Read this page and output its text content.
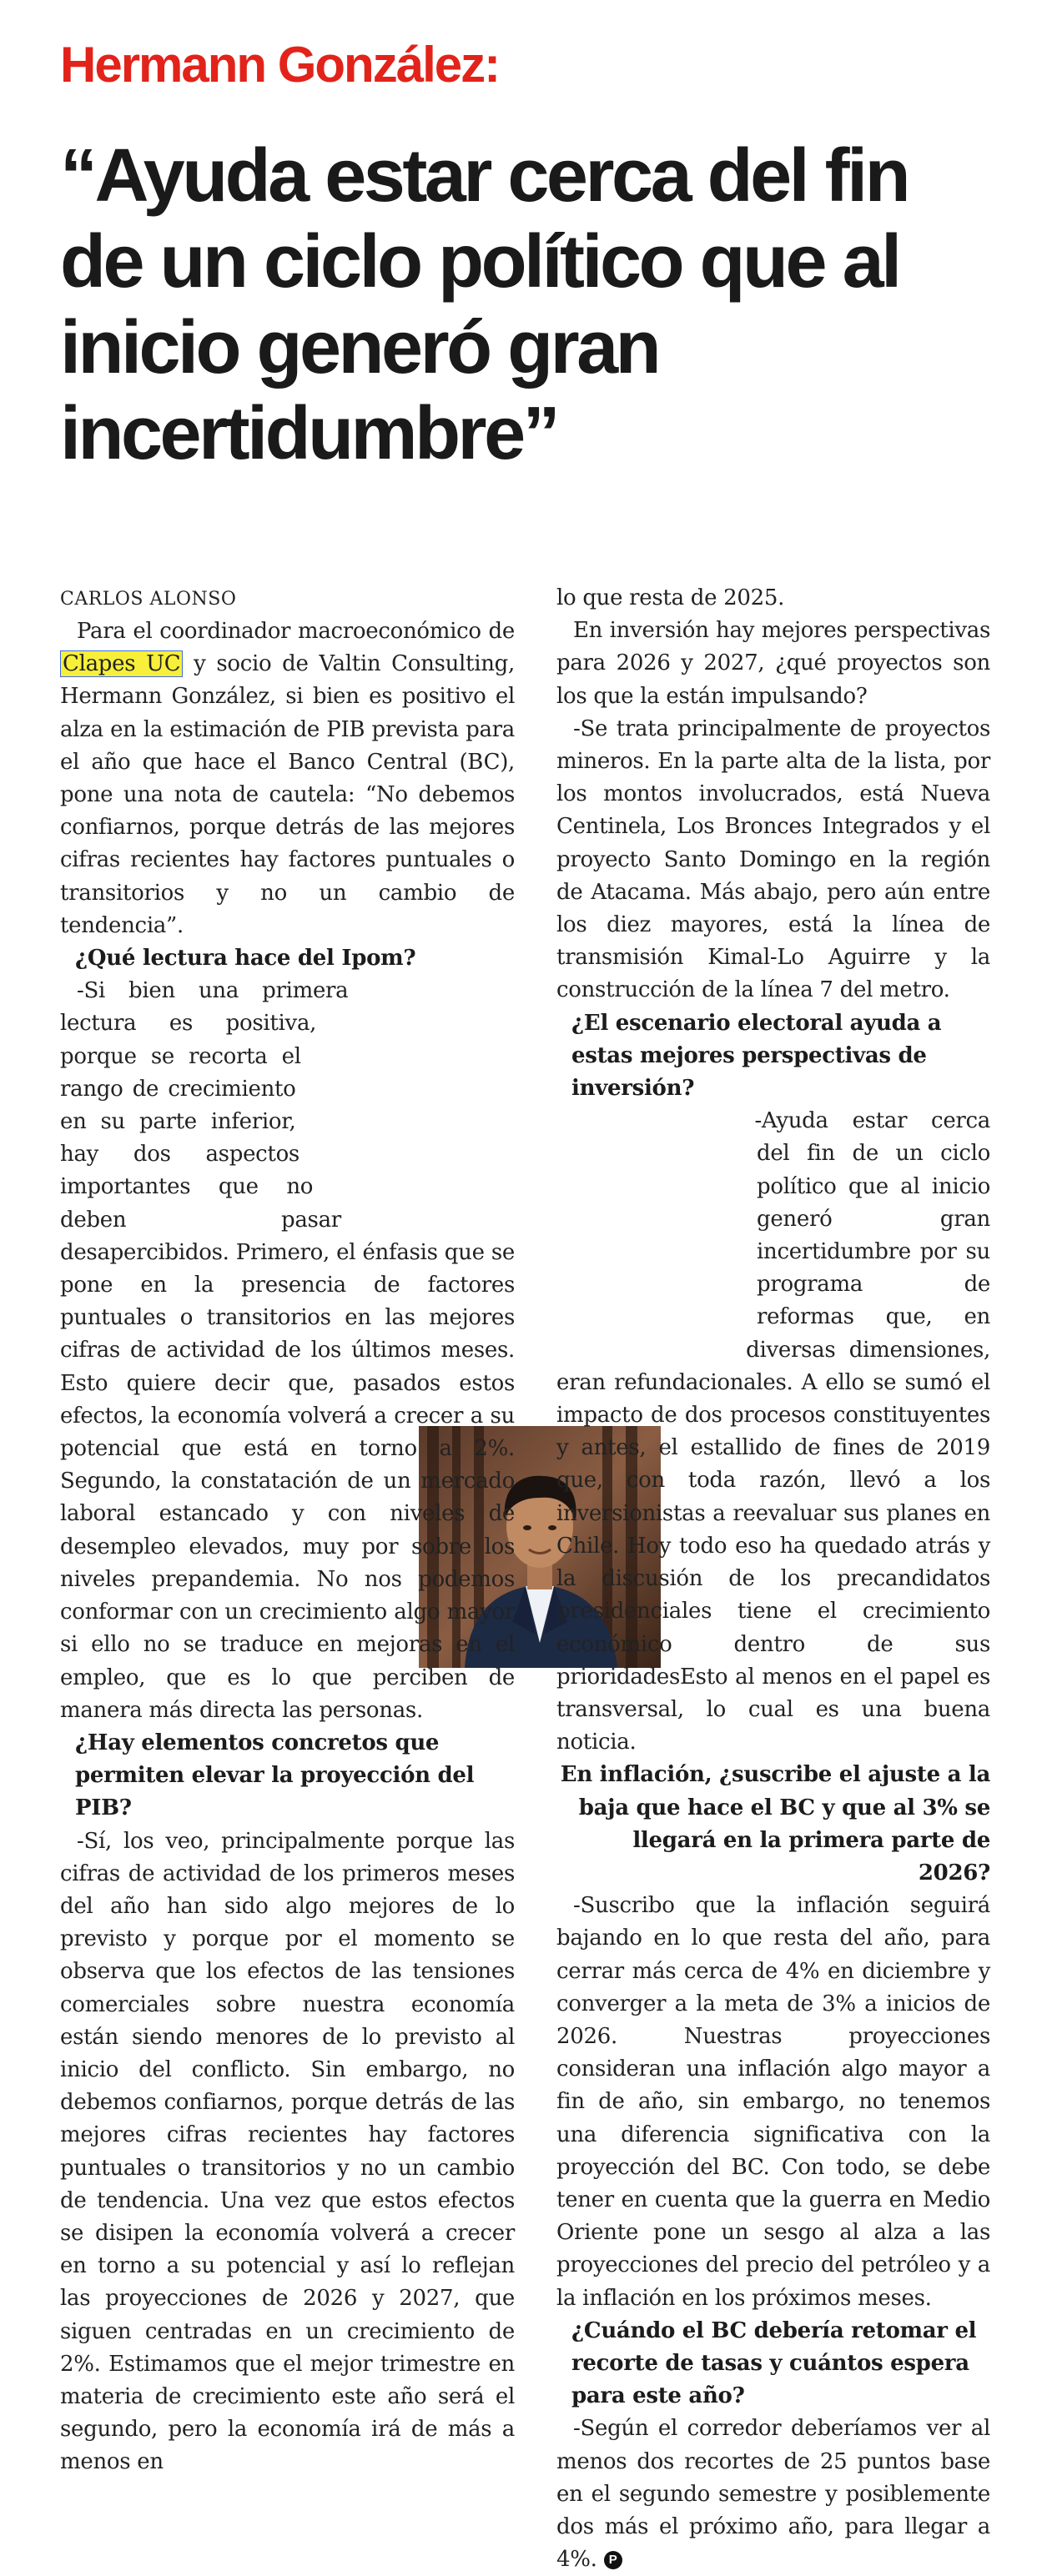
Hermann González:
“Ayuda estar cerca del fin de un ciclo político que al inicio generó gran incertidumbre”
CARLOS ALONSO

Para el coordinador macroeconómico de Clapes UC y socio de Valtin Consulting, Hermann González, si bien es positivo el alza en la estimación de PIB prevista para el año que hace el Banco Central (BC), pone una nota de cautela: “No debemos confiarnos, porque detrás de las mejores cifras recientes hay factores puntuales o transitorios y no un cambio de tendencia”.

¿Qué lectura hace del Ipom?

-Si bien una primera lectura es positiva, porque se recorta el rango de crecimiento en su parte inferior, hay dos aspectos importantes que no deben pasar desapercibidos. Primero, el énfasis que se pone en la presencia de factores puntuales o transitorios en las mejores cifras de actividad de los últimos meses. Esto quiere decir que, pasados estos efectos, la economía volverá a crecer a su potencial que está en torno a 2%. Segundo, la constatación de un mercado laboral estancado y con niveles de desempleo elevados, muy por sobre los niveles prepandemia. No nos podemos conformar con un crecimiento algo mayor si ello no se traduce en mejoras en el empleo, que es lo que perciben de manera más directa las personas.

¿Hay elementos concretos que permiten elevar la proyección del PIB?

-Sí, los veo, principalmente porque las cifras de actividad de los primeros meses del año han sido algo mejores de lo previsto y porque por el momento se observa que los efectos de las tensiones comerciales sobre nuestra economía están siendo menores de lo previsto al inicio del conflicto. Sin embargo, no debemos confiarnos, porque detrás de las mejores cifras recientes hay factores puntuales o transitorios y no un cambio de tendencia. Una vez que estos efectos se disipen la economía volverá a crecer en torno a su potencial y así lo reflejan las proyecciones de 2026 y 2027, que siguen centradas en un crecimiento de 2%. Estimamos que el mejor trimestre en materia de crecimiento este año será el segundo, pero la economía irá de más a menos en

lo que resta de 2025.

En inversión hay mejores perspectivas para 2026 y 2027, ¿qué proyectos son los que la están impulsando?

-Se trata principalmente de proyectos mineros. En la parte alta de la lista, por los montos involucrados, está Nueva Centinela, Los Bronces Integrados y el proyecto Santo Domingo en la región de Atacama. Más abajo, pero aún entre los diez mayores, está la línea de transmisión Kimal-Lo Aguirre y la construcción de la línea 7 del metro.

¿El escenario electoral ayuda a estas mejores perspectivas de inversión?

-Ayuda estar cerca del fin de un ciclo político que al inicio generó gran incertidumbre por su programa de reformas que, en diversas dimensiones, eran refundacionales. A ello se sumó el impacto de dos procesos constituyentes y antes, el estallido de fines de 2019 que, con toda razón, llevó a los inversionistas a reevaluar sus planes en Chile. Hoy todo eso ha quedado atrás y la discusión de los precandidatos presidenciales tiene el crecimiento económico dentro de sus prioridadesEsto al menos en el papel es transversal, lo cual es una buena noticia.

En inflación, ¿suscribe el ajuste a la baja que hace el BC y que al 3% se llegará en la primera parte de 2026?

-Suscribo que la inflación seguirá bajando en lo que resta del año, para cerrar más cerca de 4% en diciembre y converger a la meta de 3% a inicios de 2026. Nuestras proyecciones consideran una inflación algo mayor a fin de año, sin embargo, no tenemos una diferencia significativa con la proyección del BC. Con todo, se debe tener en cuenta que la guerra en Medio Oriente pone un sesgo al alza a las proyecciones del precio del petróleo y a la inflación en los próximos meses.

¿Cuándo el BC debería retomar el recorte de tasas y cuántos espera para este año?

-Según el corredor deberíamos ver al menos dos recortes de 25 puntos base en el segundo semestre y posiblemente dos más el próximo año, para llegar a 4%. P
